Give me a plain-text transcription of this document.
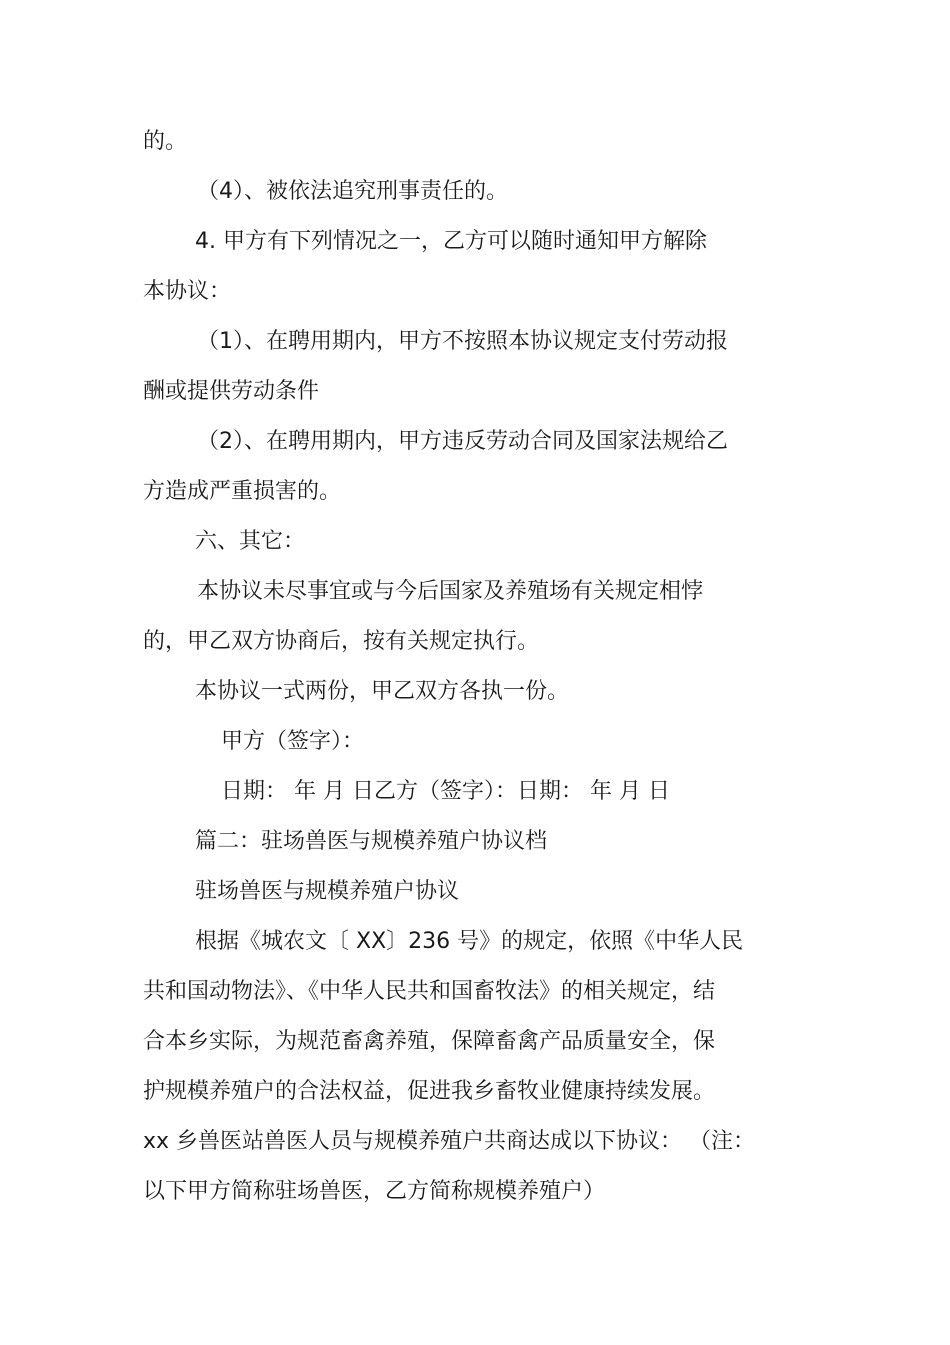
的。
（4）、被依法追究刑事责任的。
4. 甲方有下列情况之一，乙方可以随时通知甲方解除
本协议：
（1）、在聘用期内，甲方不按照本协议规定支付劳动报
酬或提供劳动条件
（2）、在聘用期内，甲方违反劳动合同及国家法规给乙
方造成严重损害的。
六、其它：
本协议未尽事宜或与今后国家及养殖场有关规定相悖
的，甲乙双方协商后，按有关规定执行。
本协议一式两份，甲乙双方各执一份。
甲方（签字）：
日期： 年 月 日乙方（签字）：日期： 年 月 日
篇二：驻场兽医与规模养殖户协议档
驻场兽医与规模养殖户协议
根据《城农文〔 XX〕236 号》的规定，依照《中华人民
共和国动物法》、《中华人民共和国畜牧法》的相关规定，结
合本乡实际，为规范畜禽养殖，保障畜禽产品质量安全，保
护规模养殖户的合法权益，促进我乡畜牧业健康持续发展。
xx 乡兽医站兽医人员与规模养殖户共商达成以下协议： （注：
以下甲方简称驻场兽医，乙方简称规模养殖户）
